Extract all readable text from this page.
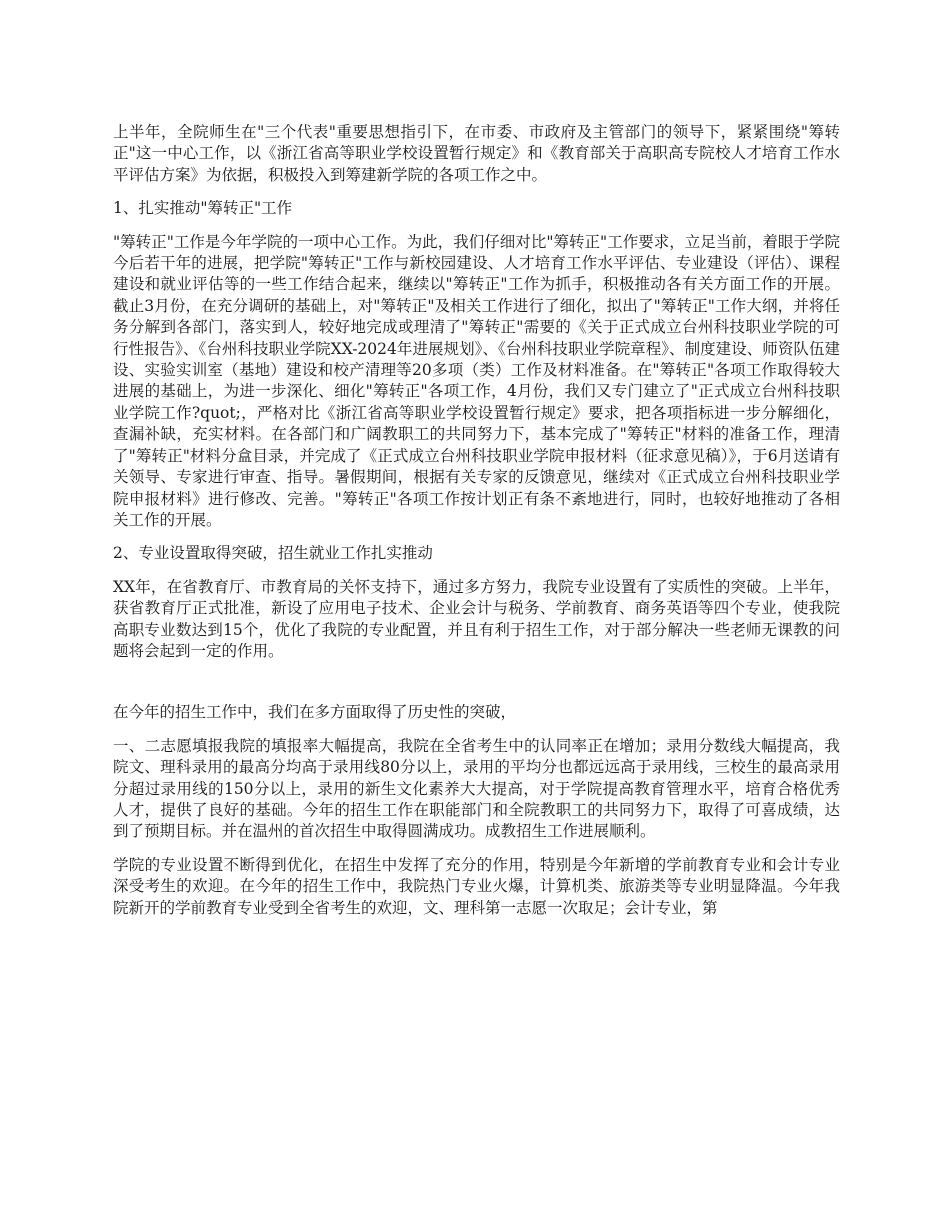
上半年，全院师生在"三个代表"重要思想指引下，在市委、市政府及主管部门的领导下，紧紧围绕"筹转正"这一中心工作，以《浙江省高等职业学校设置暂行规定》和《教育部关于高职高专院校人才培育工作水平评估方案》为依据，积极投入到筹建新学院的各项工作之中。

1、扎实推动"筹转正"工作

"筹转正"工作是今年学院的一项中心工作。为此，我们仔细对比"筹转正"工作要求，立足当前，着眼于学院今后若干年的进展，把学院"筹转正"工作与新校园建设、人才培育工作水平评估、专业建设（评估）、课程建设和就业评估等的一些工作结合起来，继续以"筹转正"工作为抓手，积极推动各有关方面工作的开展。截止3月份，在充分调研的基础上，对"筹转正"及相关工作进行了细化，拟出了"筹转正"工作大纲，并将任务分解到各部门，落实到人，较好地完成或理清了"筹转正"需要的《关于正式成立台州科技职业学院的可行性报告》、《台州科技职业学院XX-2024年进展规划》、《台州科技职业学院章程》、制度建设、师资队伍建设、实验实训室（基地）建设和校产清理等20多项（类）工作及材料准备。在"筹转正"各项工作取得较大进展的基础上，为进一步深化、细化"筹转正"各项工作，4月份，我们又专门建立了"正式成立台州科技职业学院工作?quot;，严格对比《浙江省高等职业学校设置暂行规定》要求，把各项指标进一步分解细化，查漏补缺，充实材料。在各部门和广阔教职工的共同努力下，基本完成了"筹转正"材料的准备工作，理清了"筹转正"材料分盒目录，并完成了《正式成立台州科技职业学院申报材料（征求意见稿）》，于6月送请有关领导、专家进行审查、指导。暑假期间，根据有关专家的反馈意见，继续对《正式成立台州科技职业学院申报材料》进行修改、完善。"筹转正"各项工作按计划正有条不紊地进行，同时，也较好地推动了各相关工作的开展。

2、专业设置取得突破，招生就业工作扎实推动

XX年，在省教育厅、市教育局的关怀支持下，通过多方努力，我院专业设置有了实质性的突破。上半年，获省教育厅正式批准，新设了应用电子技术、企业会计与税务、学前教育、商务英语等四个专业，使我院高职专业数达到15个，优化了我院的专业配置，并且有利于招生工作，对于部分解决一些老师无课教的问题将会起到一定的作用。

在今年的招生工作中，我们在多方面取得了历史性的突破，

一、二志愿填报我院的填报率大幅提高，我院在全省考生中的认同率正在增加；录用分数线大幅提高，我院文、理科录用的最高分均高于录用线80分以上，录用的平均分也都远远高于录用线，三校生的最高录用分超过录用线的150分以上，录用的新生文化素养大大提高，对于学院提高教育管理水平，培育合格优秀人才，提供了良好的基础。今年的招生工作在职能部门和全院教职工的共同努力下，取得了可喜成绩，达到了预期目标。并在温州的首次招生中取得圆满成功。成教招生工作进展顺利。

学院的专业设置不断得到优化，在招生中发挥了充分的作用，特别是今年新增的学前教育专业和会计专业深受考生的欢迎。在今年的招生工作中，我院热门专业火爆，计算机类、旅游类等专业明显降温。今年我院新开的学前教育专业受到全省考生的欢迎，文、理科第一志愿一次取足；会计专业，第
